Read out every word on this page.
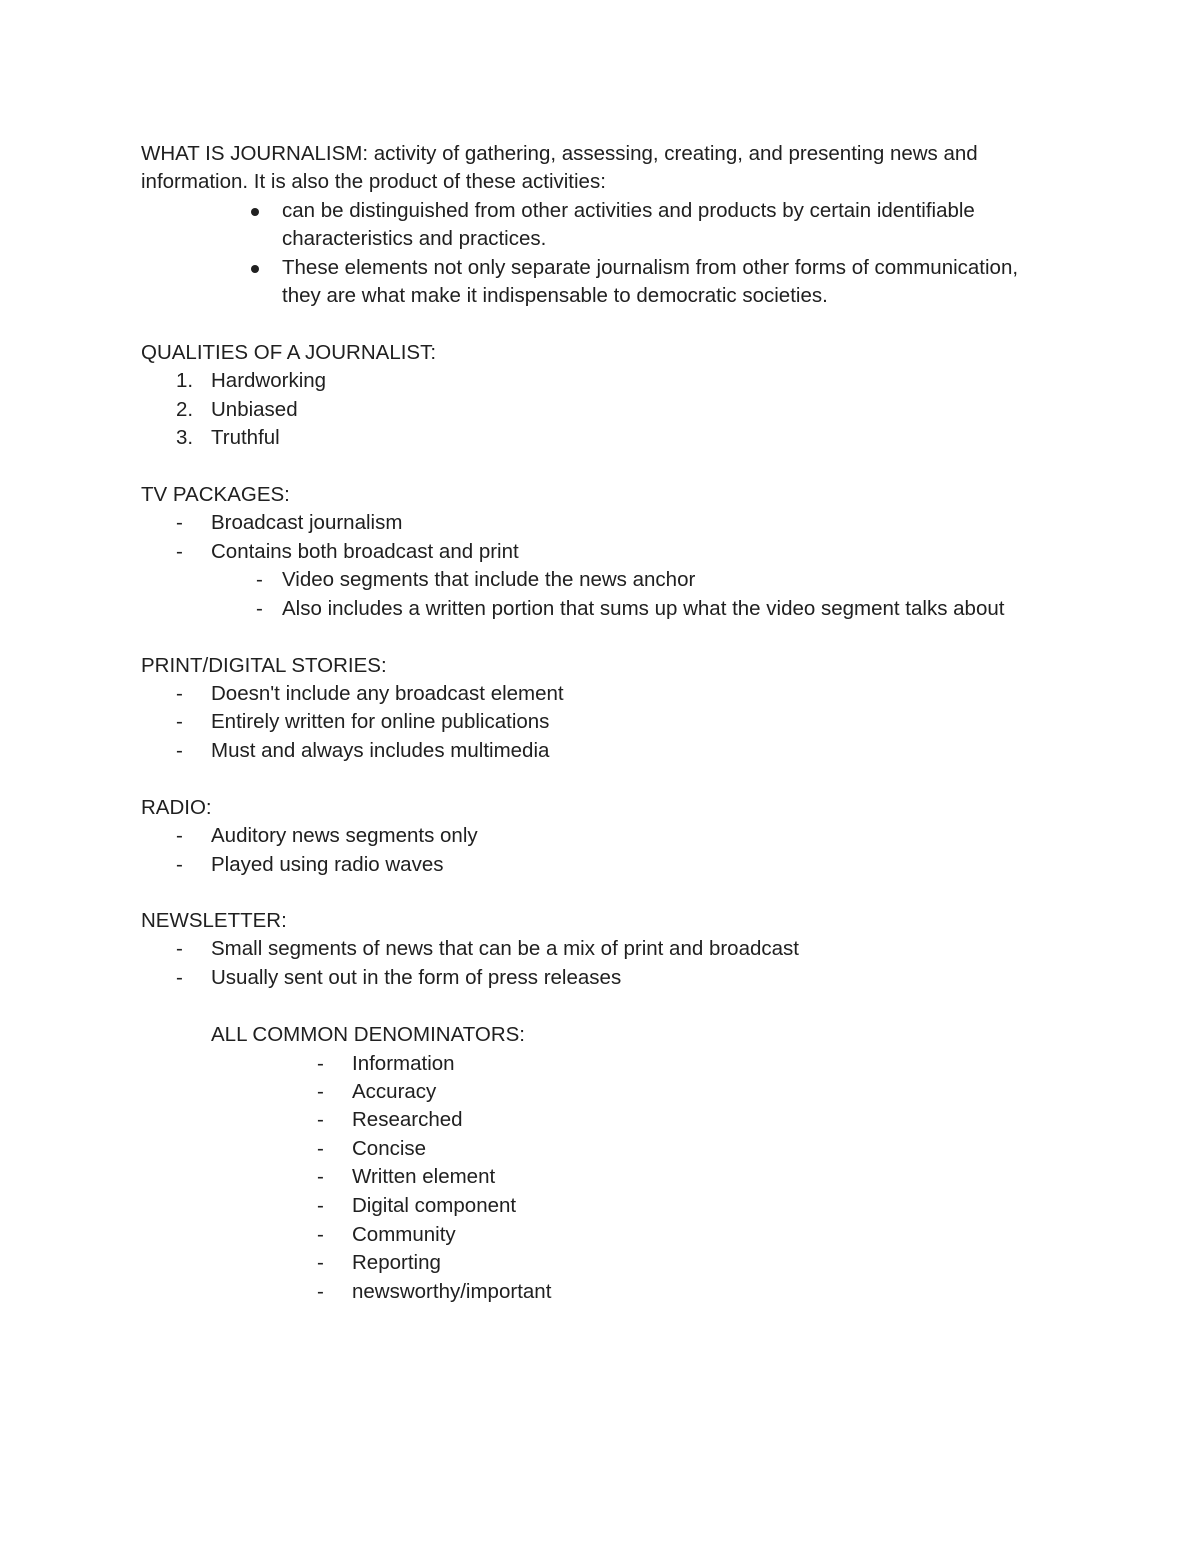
WHAT IS JOURNALISM: activity of gathering, assessing, creating, and presenting news and
information. It is also the product of these activities:
can be distinguished from other activities and products by certain identifiable
characteristics and practices.
These elements not only separate journalism from other forms of communication,
they are what make it indispensable to democratic societies.
QUALITIES OF A JOURNALIST:
1. Hardworking
2. Unbiased
3. Truthful
TV PACKAGES:
- Broadcast journalism
- Contains both broadcast and print
- Video segments that include the news anchor
- Also includes a written portion that sums up what the video segment talks about
PRINT/DIGITAL STORIES:
- Doesn't include any broadcast element
- Entirely written for online publications
- Must and always includes multimedia
RADIO:
- Auditory news segments only
- Played using radio waves
NEWSLETTER:
- Small segments of news that can be a mix of print and broadcast
- Usually sent out in the form of press releases
ALL COMMON DENOMINATORS:
- Information
- Accuracy
- Researched
- Concise
- Written element
- Digital component
- Community
- Reporting
- newsworthy/important
